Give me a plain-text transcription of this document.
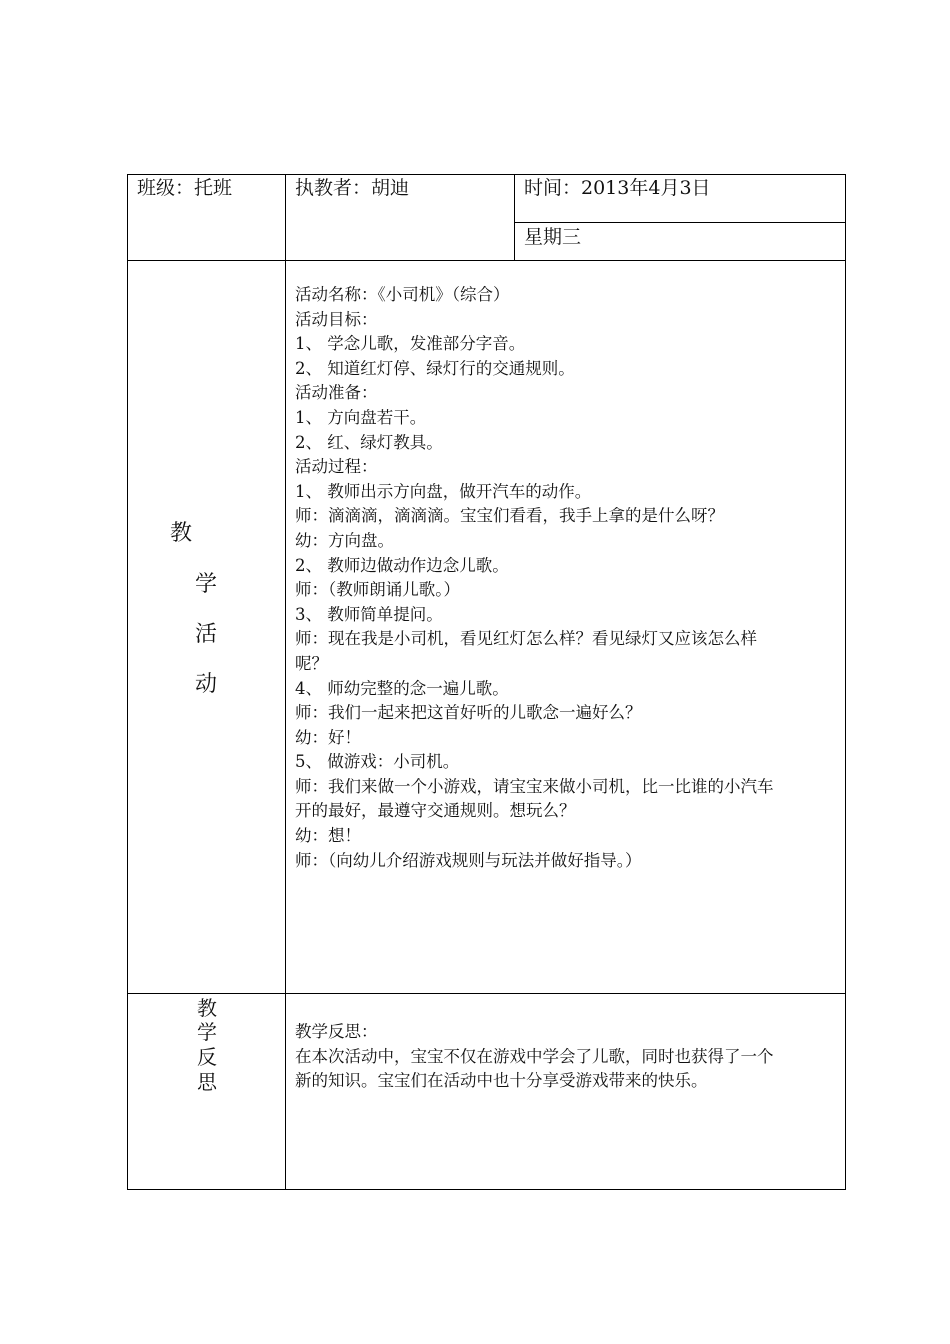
班级：托班	执教者：胡迪	时间：2013年4月3日
星期三
教
学
活
动
活动名称：《小司机》（综合）
活动目标：
1、 学念儿歌，发准部分字音。
2、 知道红灯停、绿灯行的交通规则。
活动准备：
1、 方向盘若干。
2、 红、绿灯教具。
活动过程：
1、 教师出示方向盘，做开汽车的动作。
师：滴滴滴，滴滴滴。宝宝们看看，我手上拿的是什么呀？
幼：方向盘。
2、 教师边做动作边念儿歌。
师：（教师朗诵儿歌。）
3、 教师简单提问。
师：现在我是小司机，看见红灯怎么样？看见绿灯又应该怎么样
呢？
4、 师幼完整的念一遍儿歌。
师：我们一起来把这首好听的儿歌念一遍好么？
幼：好！
5、 做游戏：小司机。
师：我们来做一个小游戏，请宝宝来做小司机，比一比谁的小汽车
开的最好，最遵守交通规则。想玩么？
幼：想！
师：（向幼儿介绍游戏规则与玩法并做好指导。）
教
学
反
思
教学反思：
在本次活动中，宝宝不仅在游戏中学会了儿歌，同时也获得了一个
新的知识。宝宝们在活动中也十分享受游戏带来的快乐。
